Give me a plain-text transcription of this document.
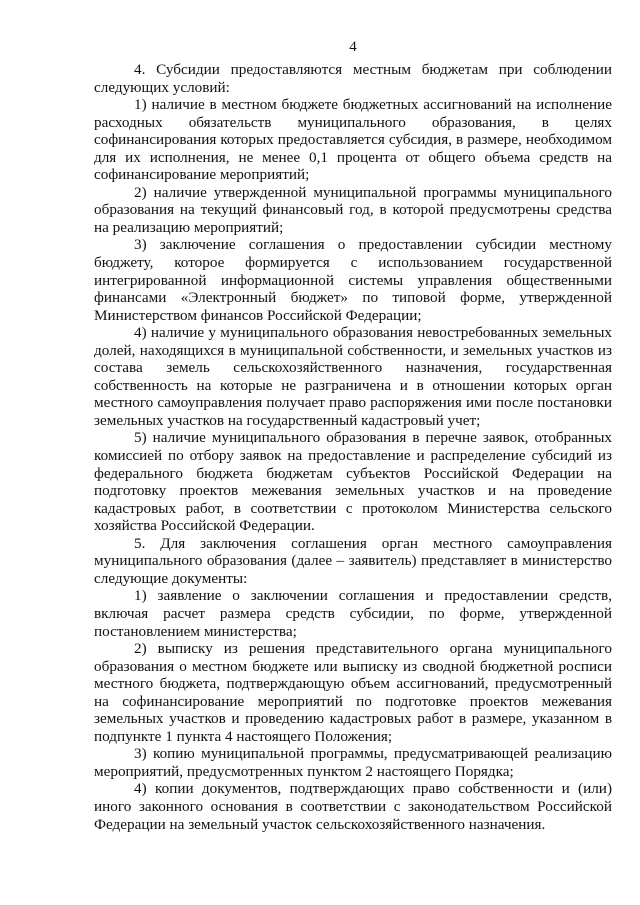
4

4. Субсидии предоставляются местным бюджетам при соблюдении следующих условий:

1) наличие в местном бюджете бюджетных ассигнований на исполнение расходных обязательств муниципального образования, в целях софинансирования которых предоставляется субсидия, в размере, необходимом для их исполнения, не менее 0,1 процента от общего объема средств на софинансирование мероприятий;

2) наличие утвержденной муниципальной программы муниципального образования на текущий финансовый год, в которой предусмотрены средства на реализацию мероприятий;

3) заключение соглашения о предоставлении субсидии местному бюджету, которое формируется с использованием государственной интегрированной информационной системы управления общественными финансами «Электронный бюджет» по типовой форме, утвержденной Министерством финансов Российской Федерации;

4) наличие у муниципального образования невостребованных земельных долей, находящихся в муниципальной собственности, и земельных участков из состава земель сельскохозяйственного назначения, государственная собственность на которые не разграничена и в отношении которых орган местного самоуправления получает право распоряжения ими после постановки земельных участков на государственный кадастровый учет;

5) наличие муниципального образования в перечне заявок, отобранных комиссией по отбору заявок на предоставление и распределение субсидий из федерального бюджета бюджетам субъектов Российской Федерации на подготовку проектов межевания земельных участков и на проведение кадастровых работ, в соответствии с протоколом Министерства сельского хозяйства Российской Федерации.

5. Для заключения соглашения орган местного самоуправления муниципального образования (далее – заявитель) представляет в министерство следующие документы:

1) заявление о заключении соглашения и предоставлении средств, включая расчет размера средств субсидии, по форме, утвержденной постановлением министерства;

2) выписку из решения представительного органа муниципального образования о местном бюджете или выписку из сводной бюджетной росписи местного бюджета, подтверждающую объем ассигнований, предусмотренный на софинансирование мероприятий по подготовке проектов межевания земельных участков и проведению кадастровых работ в размере, указанном в подпункте 1 пункта 4 настоящего Положения;

3) копию муниципальной программы, предусматривающей реализацию мероприятий, предусмотренных пунктом 2 настоящего Порядка;

4) копии документов, подтверждающих право собственности и (или) иного законного основания в соответствии с законодательством Российской Федерации на земельный участок сельскохозяйственного назначения.
